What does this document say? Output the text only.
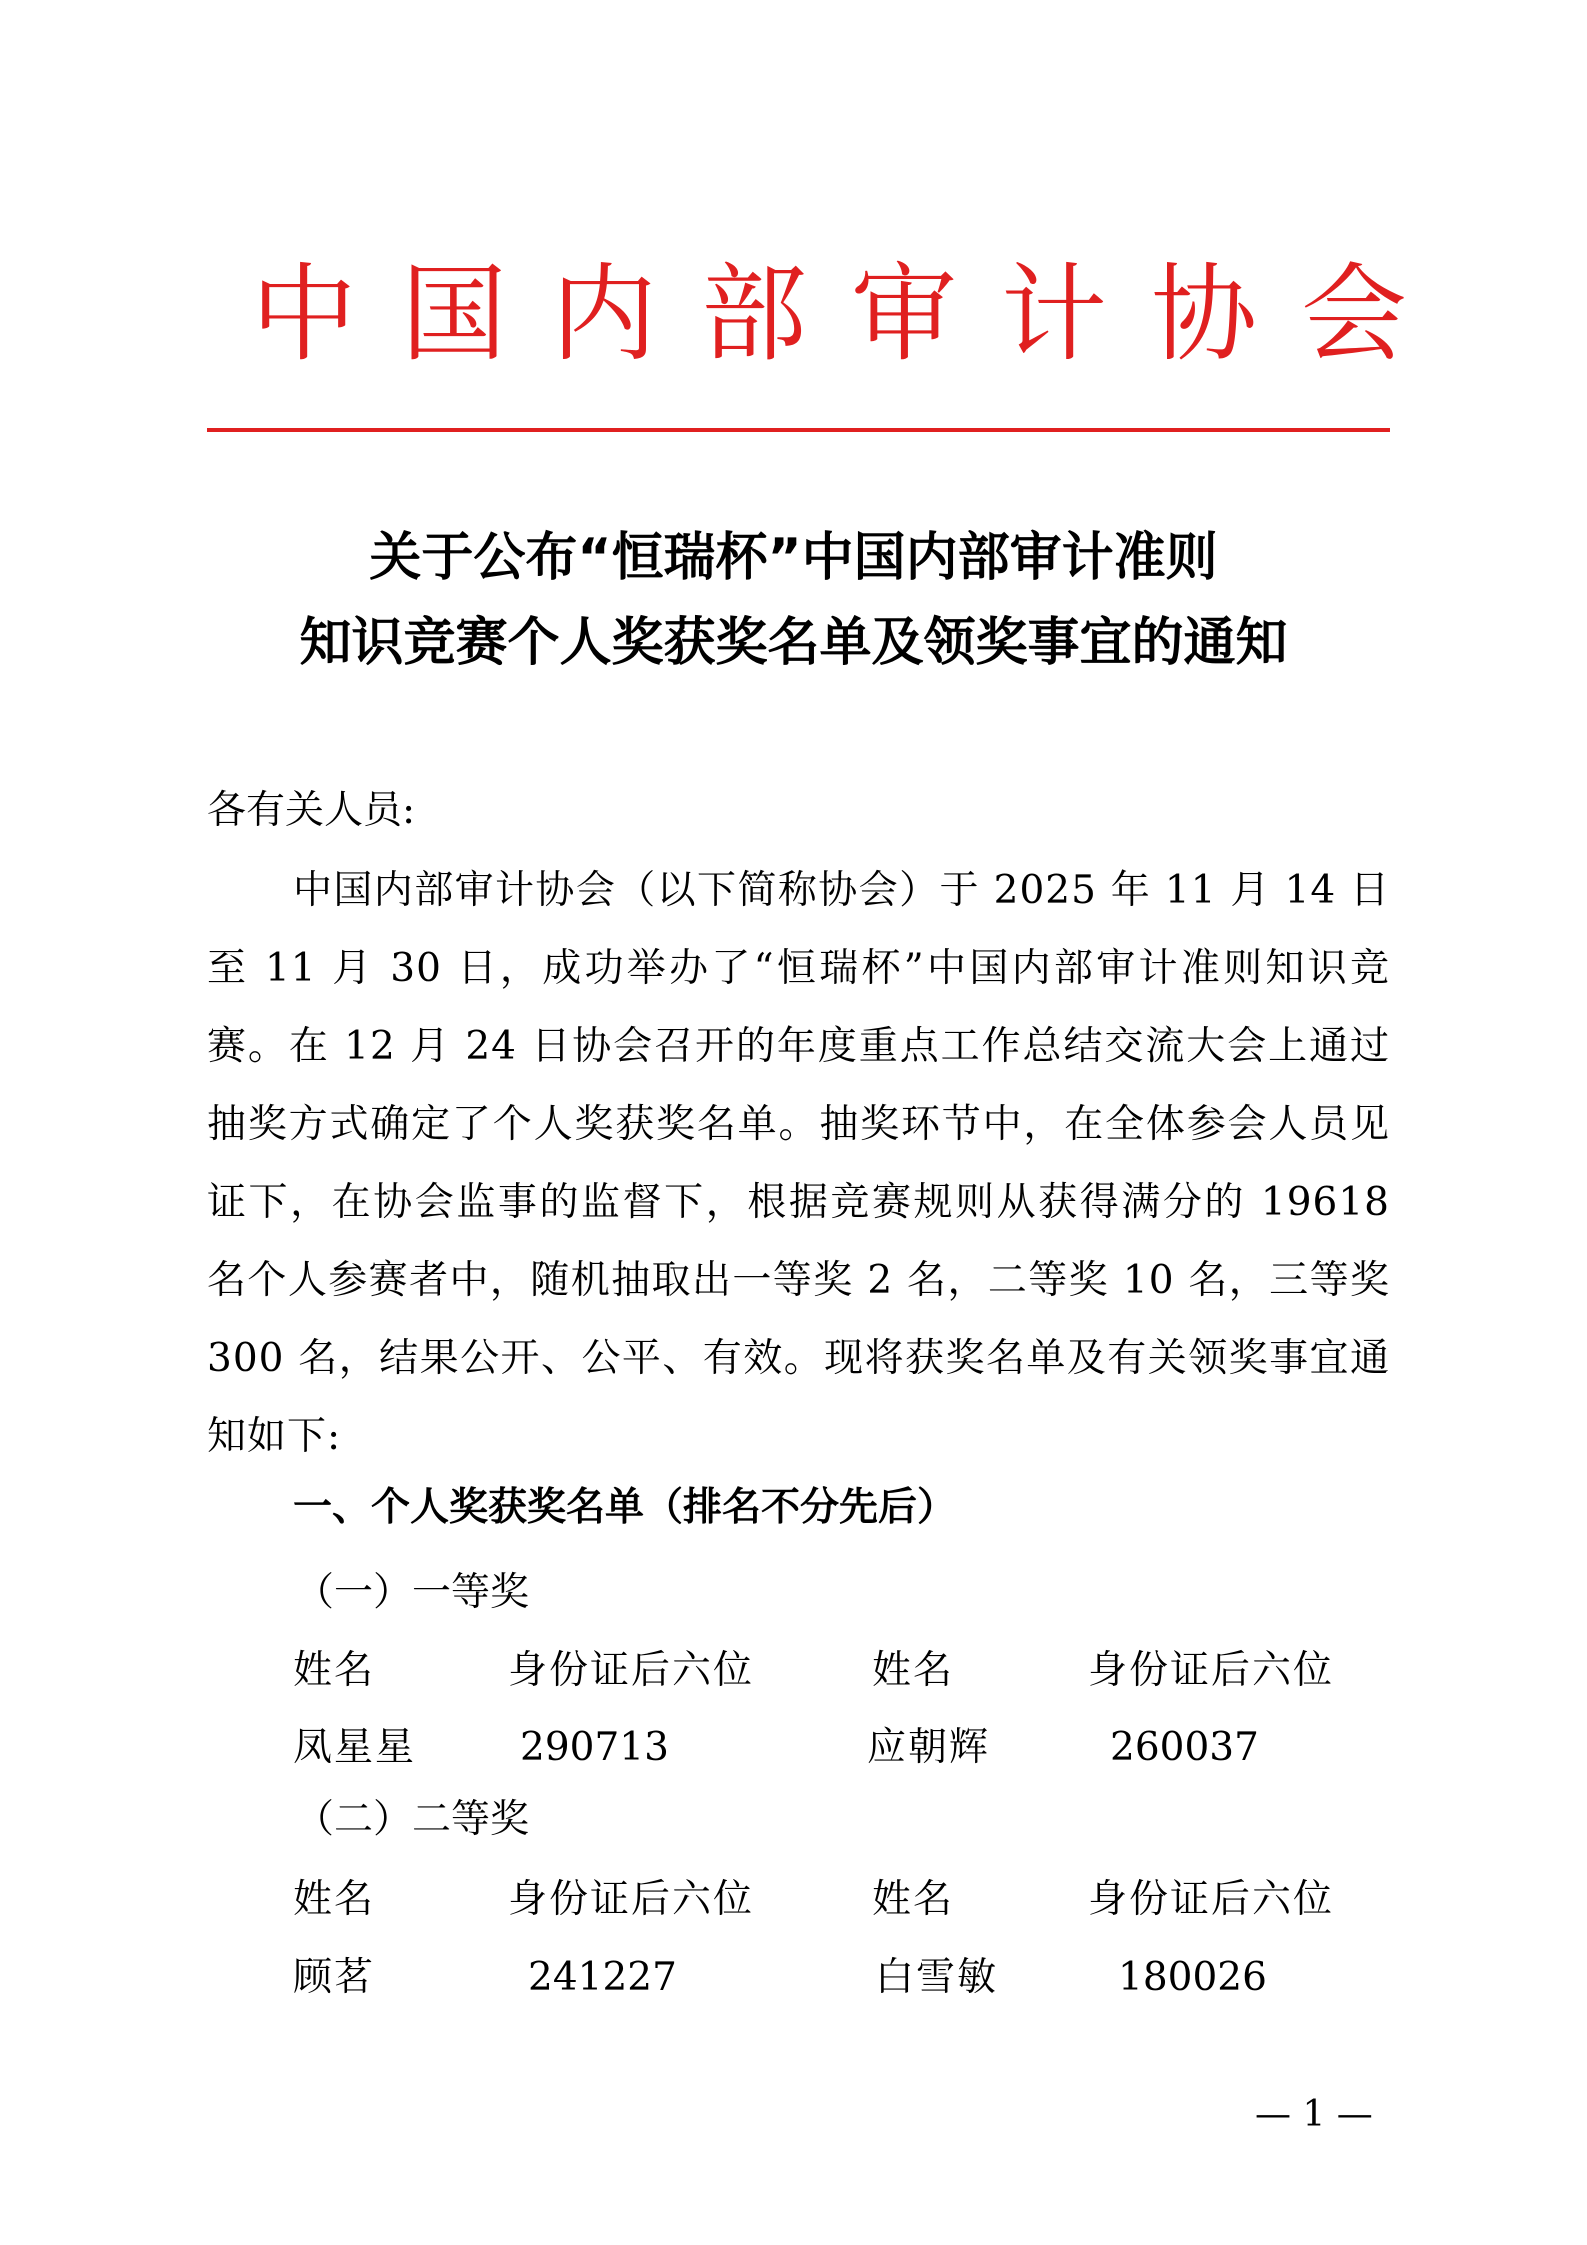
中国内部审计协会
关于公布“恒瑞杯”中国内部审计准则
知识竞赛个人奖获奖名单及领奖事宜的通知
各有关人员:
中国内部审计协会（以下简称协会）于 2025 年 11 月 14 日至 11 月 30 日，成功举办了“恒瑞杯”中国内部审计准则知识竞赛。在 12 月 24 日协会召开的年度重点工作总结交流大会上通过抽奖方式确定了个人奖获奖名单。抽奖环节中，在全体参会人员见证下，在协会监事的监督下，根据竞赛规则从获得满分的 19618 名个人参赛者中，随机抽取出一等奖 2 名，二等奖 10 名，三等奖 300 名，结果公开、公平、有效。现将获奖名单及有关领奖事宜通知如下:
一、个人奖获奖名单（排名不分先后）
（一）一等奖
姓名	身份证后六位	姓名	身份证后六位
凤星星	290713	应朝辉	260037
（二）二等奖
姓名	身份证后六位	姓名	身份证后六位
顾茗	241227	白雪敏	180026
— 1 —
